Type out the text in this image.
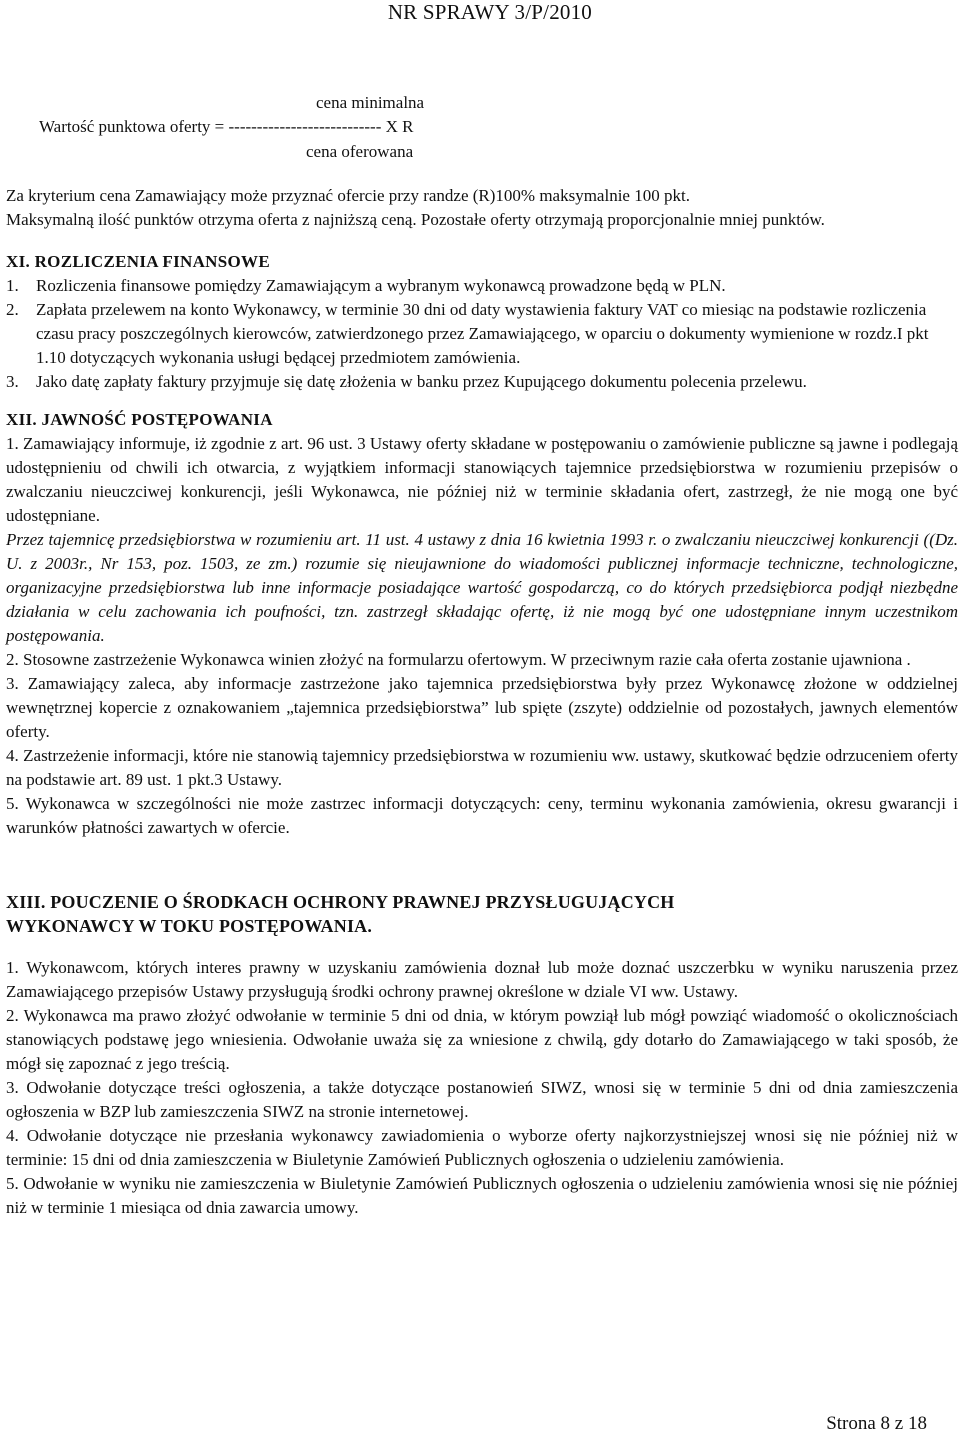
NR SPRAWY 3/P/2010
cena minimalna
Wartość punktowa oferty = --------------------------- X R
cena oferowana

Za kryterium cena Zamawiający może przyznać ofercie przy randze (R)100% maksymalnie 100 pkt.

Maksymalną ilość punktów otrzyma oferta z najniższą ceną. Pozostałe oferty otrzymają proporcjonalnie mniej punktów.

XI. ROZLICZENIA FINANSOWE
1. Rozliczenia finansowe pomiędzy Zamawiającym a wybranym wykonawcą prowadzone będą w PLN.
2. Zapłata przelewem na konto Wykonawcy, w terminie 30 dni od daty wystawienia faktury VAT co miesiąc na podstawie rozliczenia czasu pracy poszczególnych kierowców, zatwierdzonego przez Zamawiającego, w oparciu o dokumenty wymienione w rozdz.I pkt 1.10 dotyczących wykonania usługi będącej przedmiotem zamówienia.
3. Jako datę zapłaty faktury przyjmuje się datę złożenia w banku przez Kupującego dokumentu polecenia przelewu.
XII. JAWNOŚĆ POSTĘPOWANIA

1. Zamawiający informuje, iż zgodnie z art. 96 ust. 3 Ustawy oferty składane w postępowaniu o zamówienie publiczne są jawne i podlegają udostępnieniu od chwili ich otwarcia, z wyjątkiem informacji stanowiących tajemnice przedsiębiorstwa w rozumieniu przepisów o zwalczaniu nieuczciwej konkurencji, jeśli Wykonawca, nie później niż w terminie składania ofert, zastrzegł, że nie mogą one być udostępniane.

Przez tajemnicę przedsiębiorstwa w rozumieniu art. 11 ust. 4 ustawy z dnia 16 kwietnia 1993 r. o zwalczaniu nieuczciwej konkurencji ((Dz. U. z 2003r., Nr 153, poz. 1503, ze zm.) rozumie się nieujawnione do wiadomości publicznej informacje techniczne, technologiczne, organizacyjne przedsiębiorstwa lub inne informacje posiadające wartość gospodarczą, co do których przedsiębiorca podjął niezbędne działania w celu zachowania ich poufności, tzn. zastrzegł składając ofertę, iż nie mogą być one udostępniane innym uczestnikom postępowania.

2. Stosowne zastrzeżenie Wykonawca winien złożyć na formularzu ofertowym. W przeciwnym razie cała oferta zostanie ujawniona .

3. Zamawiający zaleca, aby informacje zastrzeżone jako tajemnica przedsiębiorstwa były przez Wykonawcę złożone w oddzielnej wewnętrznej kopercie z oznakowaniem „tajemnica przedsiębiorstwa” lub spięte (zszyte) oddzielnie od pozostałych, jawnych elementów oferty.

4. Zastrzeżenie informacji, które nie stanowią tajemnicy przedsiębiorstwa w rozumieniu ww. ustawy, skutkować będzie odrzuceniem oferty na podstawie art. 89 ust. 1 pkt.3 Ustawy.

5. Wykonawca w szczególności nie może zastrzec informacji dotyczących: ceny, terminu wykonania zamówienia, okresu gwarancji i warunków płatności zawartych w ofercie.

XIII. POUCZENIE O ŚRODKACH OCHRONY PRAWNEJ PRZYSŁUGUJĄCYCH
WYKONAWCY W TOKU POSTĘPOWANIA.

1. Wykonawcom, których interes prawny w uzyskaniu zamówienia doznał lub może doznać uszczerbku w wyniku naruszenia przez Zamawiającego przepisów Ustawy przysługują środki ochrony prawnej określone w dziale VI ww. Ustawy.

2. Wykonawca ma prawo złożyć odwołanie w terminie 5 dni od dnia, w którym powziął lub mógł powziąć wiadomość o okolicznościach stanowiących podstawę jego wniesienia. Odwołanie uważa się za wniesione z chwilą, gdy dotarło do Zamawiającego w taki sposób, że mógł się zapoznać z jego treścią.

3. Odwołanie dotyczące treści ogłoszenia, a także dotyczące postanowień SIWZ, wnosi się w terminie 5 dni od dnia zamieszczenia ogłoszenia w BZP lub zamieszczenia SIWZ na stronie internetowej.

4. Odwołanie dotyczące nie przesłania wykonawcy zawiadomienia o wyborze oferty najkorzystniejszej wnosi się nie później niż w terminie: 15 dni od dnia zamieszczenia w Biuletynie Zamówień Publicznych ogłoszenia o udzieleniu zamówienia.

5. Odwołanie w wyniku nie zamieszczenia w Biuletynie Zamówień Publicznych ogłoszenia o udzieleniu zamówienia wnosi się nie później niż w terminie 1 miesiąca od dnia zawarcia umowy.

Strona 8 z 18
